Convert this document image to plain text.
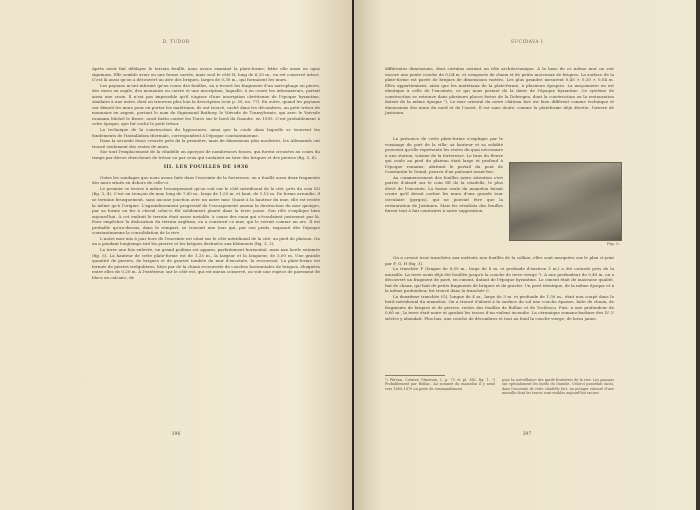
D. TUDOR

Après avoir fait déblayer le terrain fouillé, nous avons examiné la plate-forme; bâtie elle aussi en opus signinum. Elle semble avoir eu une forme carrée, mais seul le côté N, long de 6,20 m., en est conservé intact. C'est là aussi qu'on a découvert un atre des briques, larges de 0,30 m., qui formaient les murs.

Les paysans m'ont informé qu'au cours des fouilles, on a trouvé les fragments d'un sarcophage en pierre, des vases en argile, des monnaies en cuivre et une inscription, laquelle, à en croire les informateurs, portait aussi une croix. Il n'est pas impossible qu'il s'agisse d'une inscription chrétienne de l'époque byzantine, similaire à une autre, dont on trouvera plus loin la description (voir p. 55, no. 77). En outre, quand les paysans ont démoli les murs pour en porter les matériaux, ils ont trouvé, caché dans les décombres, un petit trésor de monnaies en argent, portant le nom de Sigismond Bathory, le Voïvode de Transylvanie, qui avec le Voïvode roumain Michel le Brave, avait battu contre les Turcs sur le bord du Danube, en 1595. C'est probablement à cette époque, que fut caché le petit trésor.

La technique de la construction du hypocauste, ainsi que la coule dans laquelle se trouvent les fondements de l'installation thermale, correspondent à l'époque constantinienne.

Dans la seconde fosse creusée près de la première, mais de dimensions plus modestes, les Allemands ont trouvé seulement des restes de murs.

Sur tout l'emplacement de la citadelle on aperçoit de nombreuses fosses, qui furent creusées au cours du temps par divers chercheurs de trésor ou par ceux qui voulaient en tirer des briques et des pierres (fig. 3, 6).

III. LES FOUILLES DE 1936

Outre les sondages que nous avons faits dans l'enceinte de la forteresse, on a fouillé aussi deux fragments des murs situés en dehors de celle-ci.

Le premier se trouve à même l'escarpement qu'on voit sur le côté méridional de la cité, près du coin SO (fig. 3, 4). C'est un tronçon de mur, long de 7,60 m., large de 1,53 m. et haut, de 1,15 m. De forme arrondie, il se termine brusquement, sans aucune jonction avec un autre mur. Quant à la hauteur du mur, elle est restée la même qu'à l'origine. L'agrandissement progressif de l'escarpement amena la destruction du mur quoique, par sa forme en fer à cheval celui-ci fût solidement planté dans la terre jaune. Son rôle s'explique bien aujourd'hui. À cet endroit le terrain était assez instable, à cause des eaux qui s'écoulaient justement par là. Pour empêcher la dislocation du terrain argileux, on a construit ce mur, qui le serrait comme un arc. Il est probable qu'au-dessus, dans le rempart, se trouvait une tour qui, par son poids, imposait dès l'époque constantinienne la consolidation de la rive.

L'autre mur mis à jour hors de l'enceinte est situé sur le côté méridional de la cité, au pied du plateau. On en a pendant longtemps tiré les pierres et les briques destinées aux bâtiments (fig. 3, 2).

La terre une fois enlevée, un grand podium est apparu, parfaitement horizontal, mais aux bords entamés (fig. 5). La hauteur de cette plate-forme est de 1,25 m., la largeur et la longueur, de 5,00 m. Une grande quantité de pierres, de briques et de gravier tombée du mur d'enceinte, la recouvrait. La plate-forme est formée de pierres irrégulières, liées par de la chaux recouverte de couches horizontales de briques, éloignées entre elles de 0,20 m. À l'extérieur, sur le côté est, qui est mieux conservé, on voit une espèce de parement de blocs en calcaire, de

396
SUCIDAVA I

différentes dimensions, dont certains avaient un rôle architectonique. À la base de ce même mur on voit encore une petite couche de 0,04 m. et composée de chaux et de petits morceaux de briques. La surface de la plate-forme est pavée de briques de dimensions variées. Les plus grandes mesurent 0,45 × 0,30 × 0,04 m. Elles appartiennent, ainsi que les matériaux de la plate-forme, à plusieurs époques. La maçonnerie en est identique à celle de l'enceinte, ce qui nous permet de la dater de l'époque byzantine. Ce système de construction se retrouve dans plusieurs places fortes de la Dobrogea, dont la construction ou la restauration datent de la même époque ¹). Le mur oriental du notre château fort est bien différent comme technique et dimensions des murs du nord et de l'ouest. Il est sans doute, comme la plateforme déjà décrite, l'œuvre de Justinien.

La présence de cette plate-forme s'explique par le voisinage du port de la ville; sa hauteur et sa solidité prouvent qu'elle représente les restes du quai nécessaire à une station, voisine de la forteresse. Le bras du fleuve qui coule au pied du plateau était large et profond à l'époque romaine, abritant le portail du pont de Constantin le Grand, pourvu d'un puissant avant-bec.

Au commencement des fouilles notre attention s'est portée d'abord sur le coin SE de la citadelle, le plus élevé de l'enceinte. La forme ovale du mamelon faisait croire qu'il devait cacher les murs d'une grande tour circulaire (pyrgos), qui ne pouvait être que la restauration de Justinien. Mais les résultats des fouilles furent tout à fait contraires à notre supposition.

Fig. 5.

On a creusé trois tranchées aux endroits non fouillés de la colline; elles sont marquées sur le plan ci-joint par F, G, H (fig. 3).

La tranchée F (longue de 8,50 m., large de 8 m. et profonde d'environ 3 m.) a été creusée près de la muraille. La terre avait déjà été fouillée jusqu'à la couche de terre vierge ²). À une profondeur de 0,40 m. on a découvert un fragment de pavé, en ciment, datant de l'époque byzantine. Le ciment était de mauvaise qualité, fait de chaux, qui liait de petits fragments de briques et de gravier. Un pavé identique, de la même époque et à la même profondeur, fut trouvé dans la tranchée C.

La deuxième tranchée (G), longue de 4 m., large de 3 m. et profonde de 1,50 m., était non coupé dans le bord méridional du mamelon. On a trouvé d'abord à la surface du sol une couche épaisse, faite de chaux, de fragments de briques et de pierres, restes des fouilles de Bolliac et de Tocilescu. Puis, à une profondeur de 0,60 m., la terre était noire et gardait les traces d'un violent incendie. La céramique romano-barbare des IV–V siècles y abondait. Plus bas, une couche de décombres et tout au fond la couche vierge, de loess jaune.

¹) Pârvan, Cetatea Ulmetum, I, p. 73 et pl. XXI, fig. 1. ²) Probablement par Bolliac. Au sommet du mamelon il y avait vers 1860–1870 un poste de commandement
pour la surveillance des garde-frontières de la rive. Les paysans ont spécialement les bords du Danube. Celui-ci possédait aussi, dans l'enceinte de cette citadelle fort, un potager entouré d'une muraille dont les traces sont visibles aujourd'hui encore.
397
